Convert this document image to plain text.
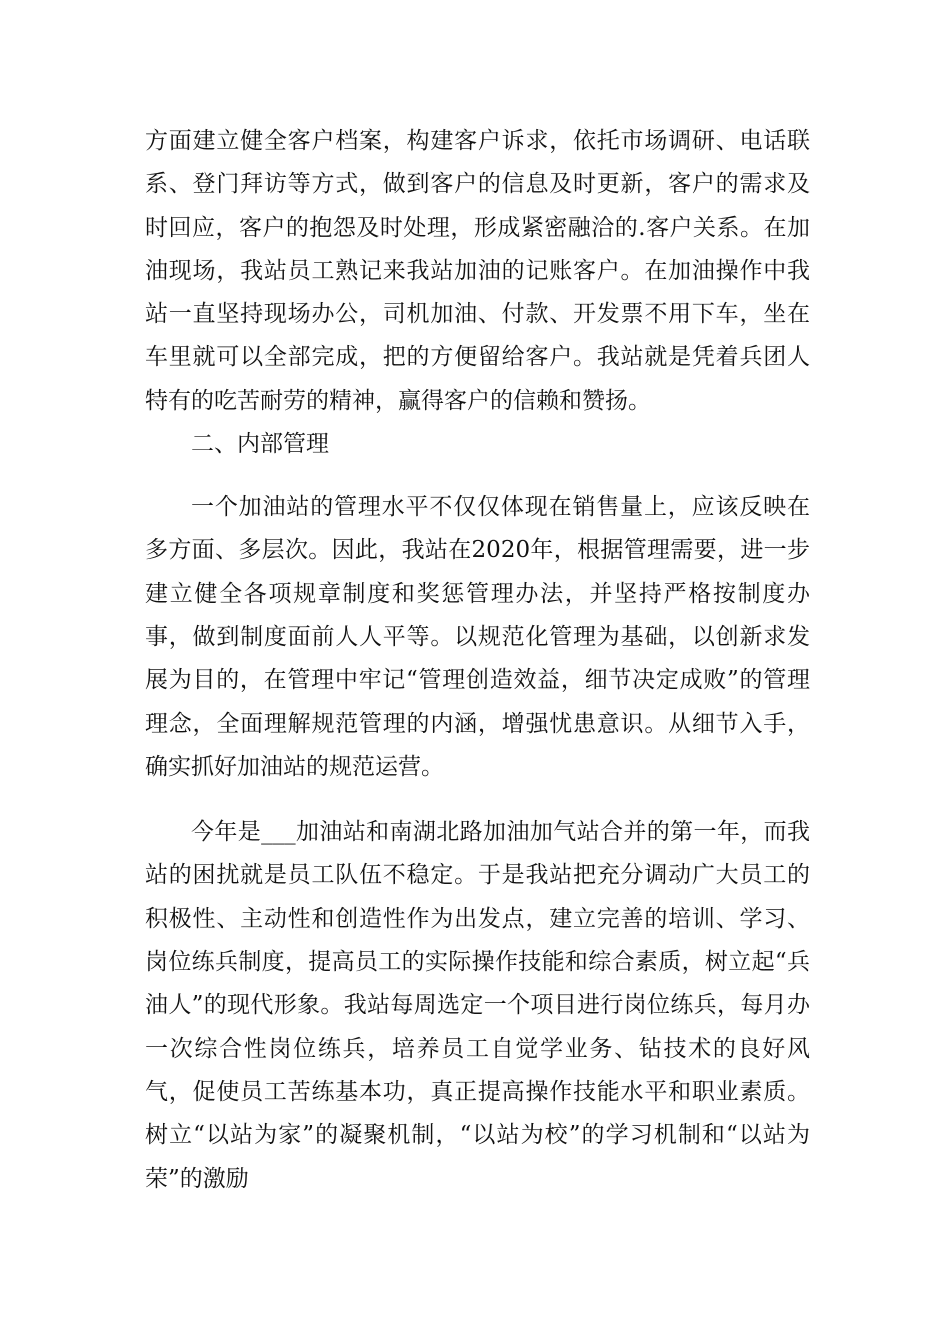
方面建立健全客户档案，构建客户诉求，依托市场调研、电话联系、登门拜访等方式，做到客户的信息及时更新，客户的需求及时回应，客户的抱怨及时处理，形成紧密融洽的.客户关系。在加油现场，我站员工熟记来我站加油的记账客户。在加油操作中我站一直坚持现场办公，司机加油、付款、开发票不用下车，坐在车里就可以全部完成，把的方便留给客户。我站就是凭着兵团人特有的吃苦耐劳的精神，赢得客户的信赖和赞扬。

二、内部管理

一个加油站的管理水平不仅仅体现在销售量上，应该反映在多方面、多层次。因此，我站在2020年，根据管理需要，进一步建立健全各项规章制度和奖惩管理办法，并坚持严格按制度办事，做到制度面前人人平等。以规范化管理为基础，以创新求发展为目的，在管理中牢记“管理创造效益，细节决定成败”的管理理念，全面理解规范管理的内涵，增强忧患意识。从细节入手，确实抓好加油站的规范运营。

今年是___加油站和南湖北路加油加气站合并的第一年，而我站的困扰就是员工队伍不稳定。于是我站把充分调动广大员工的积极性、主动性和创造性作为出发点，建立完善的培训、学习、岗位练兵制度，提高员工的实际操作技能和综合素质，树立起“兵油人”的现代形象。我站每周选定一个项目进行岗位练兵，每月办一次综合性岗位练兵，培养员工自觉学业务、钻技术的良好风气，促使员工苦练基本功，真正提高操作技能水平和职业素质。树立“以站为家”的凝聚机制，“以站为校”的学习机制和“以站为荣”的激励
